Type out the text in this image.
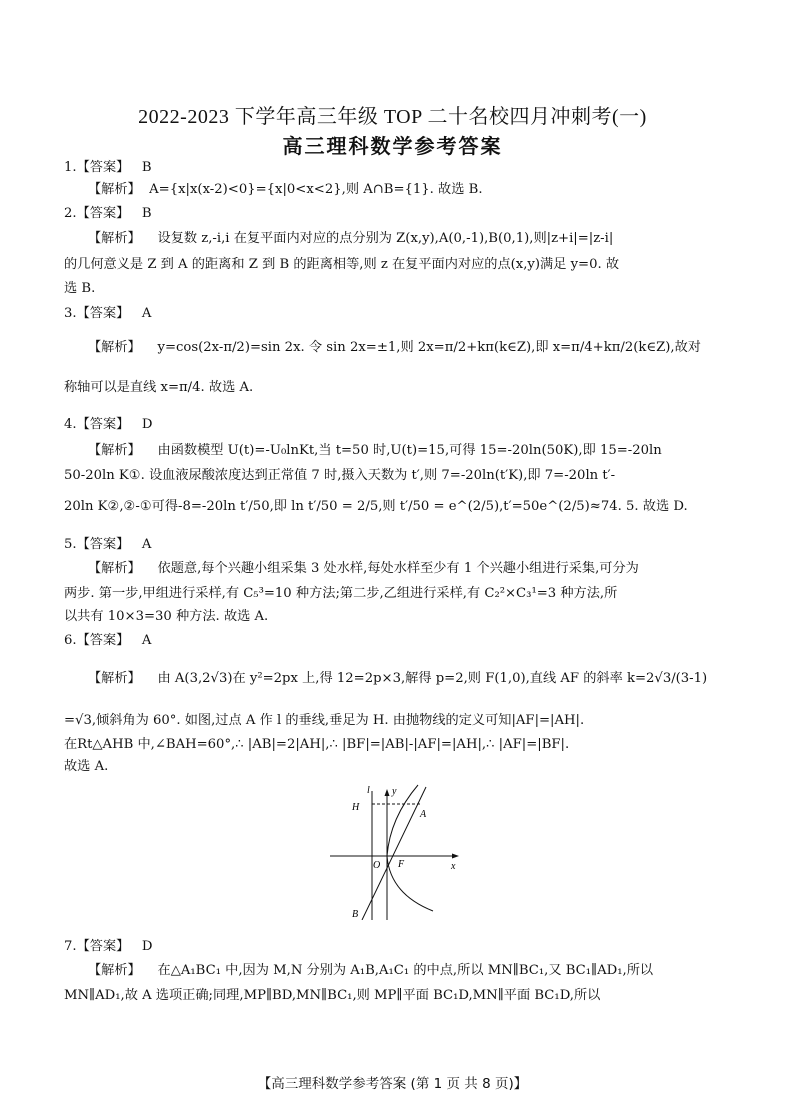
2022-2023 下学年高三年级 TOP 二十名校四月冲刺考(一)
高三理科数学参考答案
1.【答案】 B
【解析】 A={x|x(x-2)<0}={x|0<x<2},则 A∩B={1}. 故选 B.
2.【答案】 B
【解析】 设复数 z,-i,i 在复平面内对应的点分别为 Z(x,y),A(0,-1),B(0,1),则|z+i|=|z-i|
的几何意义是 Z 到 A 的距离和 Z 到 B 的距离相等,则 z 在复平面内对应的点(x,y)满足 y=0. 故
选 B.
3.【答案】 A
【解析】 y=cos(2x-π/2)=sin 2x. 令 sin 2x=±1,则 2x=π/2+kπ(k∈Z),即 x=π/4+kπ/2(k∈Z),故对
称轴可以是直线 x=π/4. 故选 A.
4.【答案】 D
【解析】 由函数模型 U(t)=-U₀lnKt,当 t=50 时,U(t)=15,可得 15=-20ln(50K),即 15=-20ln
50-20ln K①. 设血液尿酸浓度达到正常值 7 时,摄入天数为 t′,则 7=-20ln(t′K),即 7=-20ln t′-
20ln K②,②-①可得-8=-20ln t′/50,即 ln t′/50 = 2/5,则 t′/50 = e^(2/5),t′=50e^(2/5)≈74. 5. 故选 D.
5.【答案】 A
【解析】 依题意,每个兴趣小组采集 3 处水样,每处水样至少有 1 个兴趣小组进行采集,可分为
两步. 第一步,甲组进行采样,有 C₅³=10 种方法;第二步,乙组进行采样,有 C₂²×C₃¹=3 种方法,所
以共有 10×3=30 种方法. 故选 A.
6.【答案】 A
【解析】 由 A(3,2√3)在 y²=2px 上,得 12=2p×3,解得 p=2,则 F(1,0),直线 AF 的斜率 k=2√3/(3-1)
=√3,倾斜角为 60°. 如图,过点 A 作 l 的垂线,垂足为 H. 由抛物线的定义可知|AF|=|AH|.
在Rt△AHB 中,∠BAH=60°,∴ |AB|=2|AH|,∴ |BF|=|AB|-|AF|=|AH|,∴ |AF|=|BF|.
故选 A.
l y
H
A
O F	x
B
7.【答案】 D
【解析】 在△A₁BC₁ 中,因为 M,N 分别为 A₁B,A₁C₁ 的中点,所以 MN∥BC₁,又 BC₁∥AD₁,所以
MN∥AD₁,故 A 选项正确;同理,MP∥BD,MN∥BC₁,则 MP∥平面 BC₁D,MN∥平面 BC₁D,所以
【高三理科数学参考答案 (第 1 页 共 8 页)】
